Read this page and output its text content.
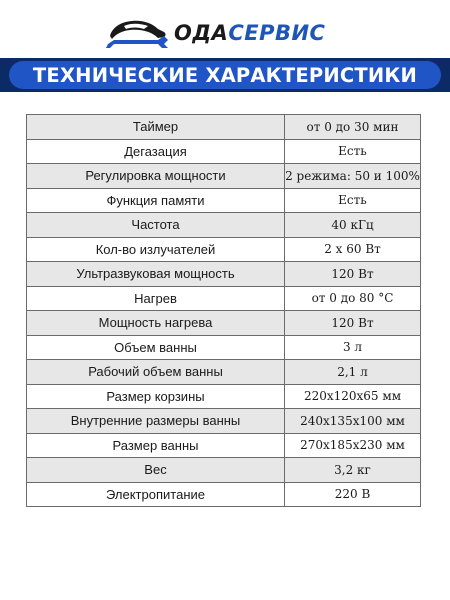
ОДАСЕРВИС
ТЕХНИЧЕСКИЕ ХАРАКТЕРИСТИКИ
Таймер	от 0 до 30 мин
Дегазация	Есть
Регулировка мощности	2 режима: 50 и 100%
Функция памяти	Есть
Частота	40 кГц
Кол-во излучателей	2 х 60 Вт
Ультразвуковая мощность	120 Вт
Нагрев	от 0 до 80 °С
Мощность нагрева	120 Вт
Объем ванны	3 л
Рабочий объем ванны	2,1 л
Размер корзины	220х120х65 мм
Внутренние размеры ванны	240х135х100 мм
Размер ванны	270х185х230 мм
Вес	3,2 кг
Электропитание	220 В
